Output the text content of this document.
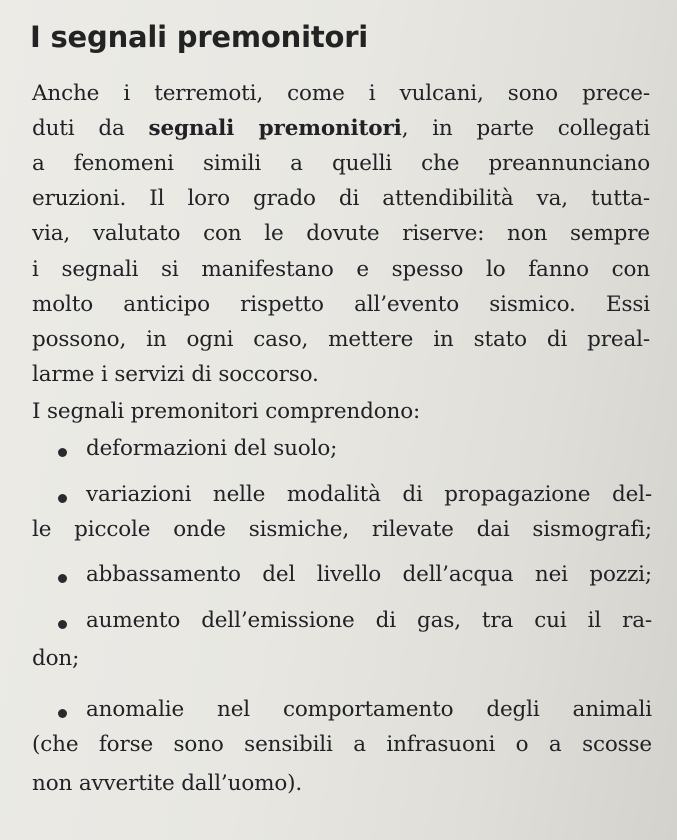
I segnali premonitori
Anche i terremoti, come i vulcani, sono prece-
duti da segnali premonitori, in parte collegati
a fenomeni simili a quelli che preannunciano
eruzioni. Il loro grado di attendibilità va, tutta-
via, valutato con le dovute riserve: non sempre
i segnali si manifestano e spesso lo fanno con
molto anticipo rispetto all’evento sismico. Essi
possono, in ogni caso, mettere in stato di preal-
larme i servizi di soccorso.
I segnali premonitori comprendono:
deformazioni del suolo;
variazioni nelle modalità di propagazione del-
le piccole onde sismiche, rilevate dai sismografi;
abbassamento del livello dell’acqua nei pozzi;
aumento dell’emissione di gas, tra cui il ra-
don;
anomalie nel comportamento degli animali
(che forse sono sensibili a infrasuoni o a scosse
non avvertite dall’uomo).
